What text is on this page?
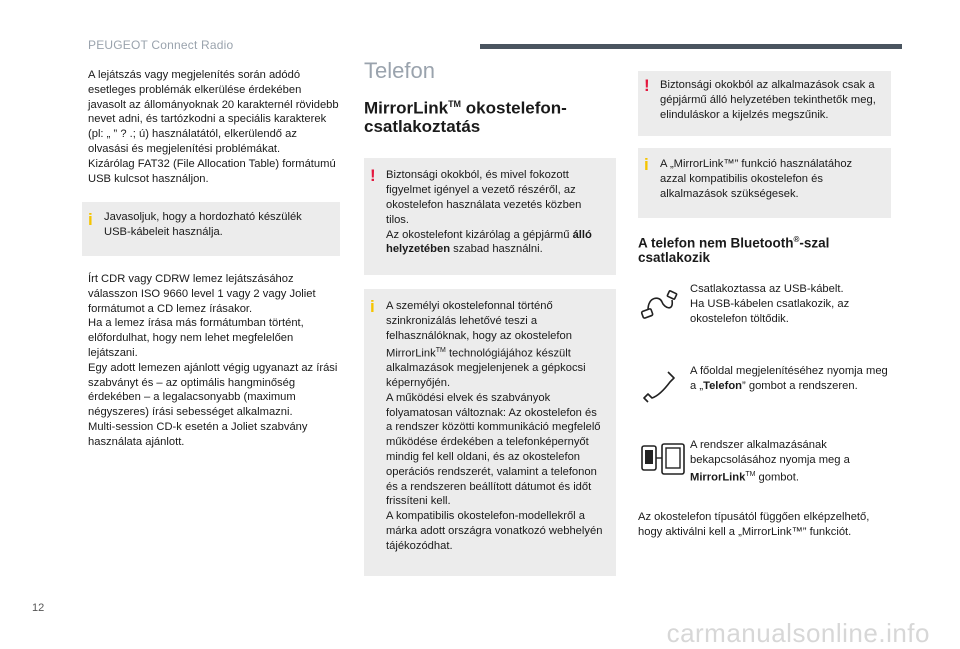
PEUGEOT Connect Radio

A lejátszás vagy megjelenítés során adódó esetleges problémák elkerülése érdekében javasolt az állományoknak 20 karakternél rövidebb nevet adni, és tartózkodni a speciális karakterek (pl: „ ” ? .; ú) használatától, elkerülendő az olvasási és megjelenítési problémákat.

Kizárólag FAT32 (File Allocation Table) formátumú USB kulcsot használjon.

i Javasoljuk, hogy a hordozható készülék USB-kábeleit használja.

Írt CDR vagy CDRW lemez lejátszásához válasszon ISO 9660 level 1 vagy 2 vagy Joliet formátumot a CD lemez írásakor.

Ha a lemez írása más formátumban történt, előfordulhat, hogy nem lehet megfelelően lejátszani.

Egy adott lemezen ajánlott végig ugyanazt az írási szabványt és – az optimális hangminőség érdekében – a legalacsonyabb (maximum négyszeres) írási sebességet alkalmazni.

Multi-session CD-k esetén a Joliet szabvány használata ajánlott.

Telefon

MirrorLink™ okostelefon-
csatlakoztatás

! Biztonsági okokból, és mivel fokozott figyelmet igényel a vezető részéről, az okostelefon használata vezetés közben tilos.

Az okostelefont kizárólag a gépjármű álló helyzetében szabad használni.

i A személyi okostelefonnal történő szinkronizálás lehetővé teszi a felhasználóknak, hogy az okostelefon MirrorLink™ technológiájához készült alkalmazások megjelenjenek a gépkocsi képernyőjén.

A működési elvek és szabványok folyamatosan változnak: Az okostelefon és a rendszer közötti kommunikáció megfelelő működése érdekében a telefonképernyőt mindig fel kell oldani, és az okostelefon operációs rendszerét, valamint a telefonon és a rendszeren beállított dátumot és időt frissíteni kell.

A kompatibilis okostelefon-modellekről a márka adott országra vonatkozó webhelyén tájékozódhat.

! Biztonsági okokból az alkalmazások csak a gépjármű álló helyzetében tekinthetők meg, elinduláskor a kijelzés megszűnik.

i A „MirrorLink™” funkció használatához azzal kompatibilis okostelefon és alkalmazások szükségesek.

A telefon nem Bluetooth®-szal csatlakozik

Csatlakoztassa az USB-kábelt.

Ha USB-kábelen csatlakozik, az okostelefon töltődik.

A főoldal megjelenítéséhez nyomja meg a „Telefon” gombot a rendszeren.

A rendszer alkalmazásának bekapcsolásához nyomja meg a MirrorLink™ gombot.

Az okostelefon típusától függően elképzelhető, hogy aktiválni kell a „MirrorLink™” funkciót.

12
carmanualsonline.info
